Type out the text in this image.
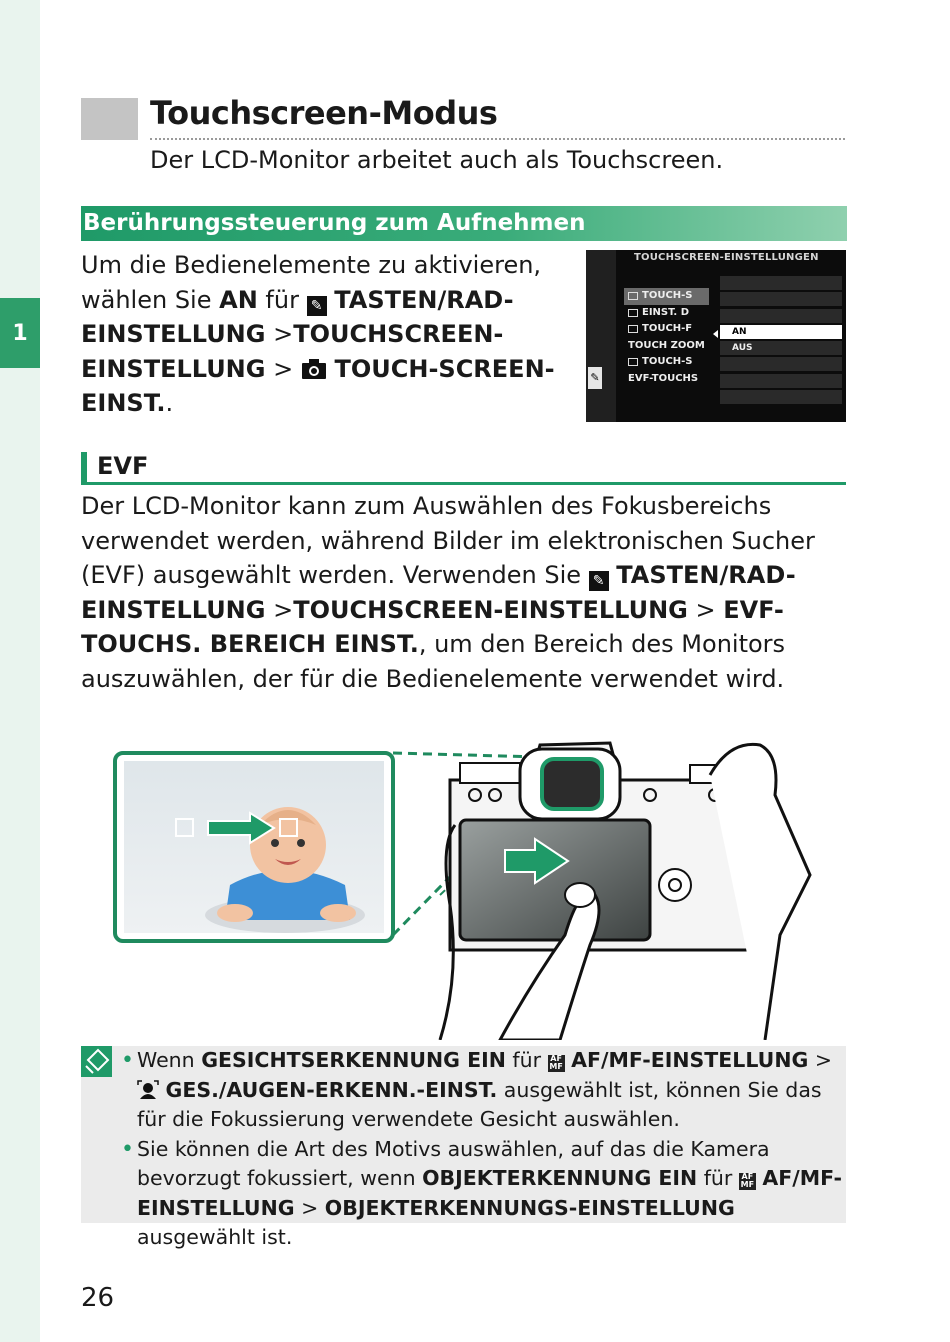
1
Touchscreen-Modus

Der LCD-Monitor arbeitet auch als Touchscreen.

Berührungssteuerung zum Aufnehmen

Um die Bedienelemente zu aktivieren, wählen Sie AN für ✎ TASTEN/RAD-EINSTELLUNG >TOUCHSCREEN-EINSTELLUNG >  TOUCH-SCREEN-EINST..

✎
TOUCHSCREEN-EINSTELLUNGEN
TOUCH-S
EINST. D
TOUCH-F
TOUCH ZOOM
TOUCH-S
EVF-TOUCHS
AN
AUS
EVF

Der LCD-Monitor kann zum Auswählen des Fokusbereichs verwendet werden, während Bilder im elektronischen Sucher (EVF) ausgewählt werden. Verwenden Sie ✎ TASTEN/RAD-EINSTELLUNG >TOUCHSCREEN-EINSTELLUNG > EVF-TOUCHS. BEREICH EINST., um den Bereich des Monitors auszuwählen, der für die Bedienelemente verwendet wird.

• Wenn GESICHTSERKENNUNG EIN für AF
MF AF/MF-EINSTELLUNG >  GES./AUGEN-ERKENN.-EINST. ausgewählt ist, können Sie das für die Fokussierung verwendete Gesicht auswählen.
• Sie können die Art des Motivs auswählen, auf das die Kamera bevorzugt fokussiert, wenn OBJEKTERKENNUNG EIN für AF
MF AF/MF-EINSTELLUNG > OBJEKTERKENNUNGS-EINSTELLUNG ausgewählt ist.
26
